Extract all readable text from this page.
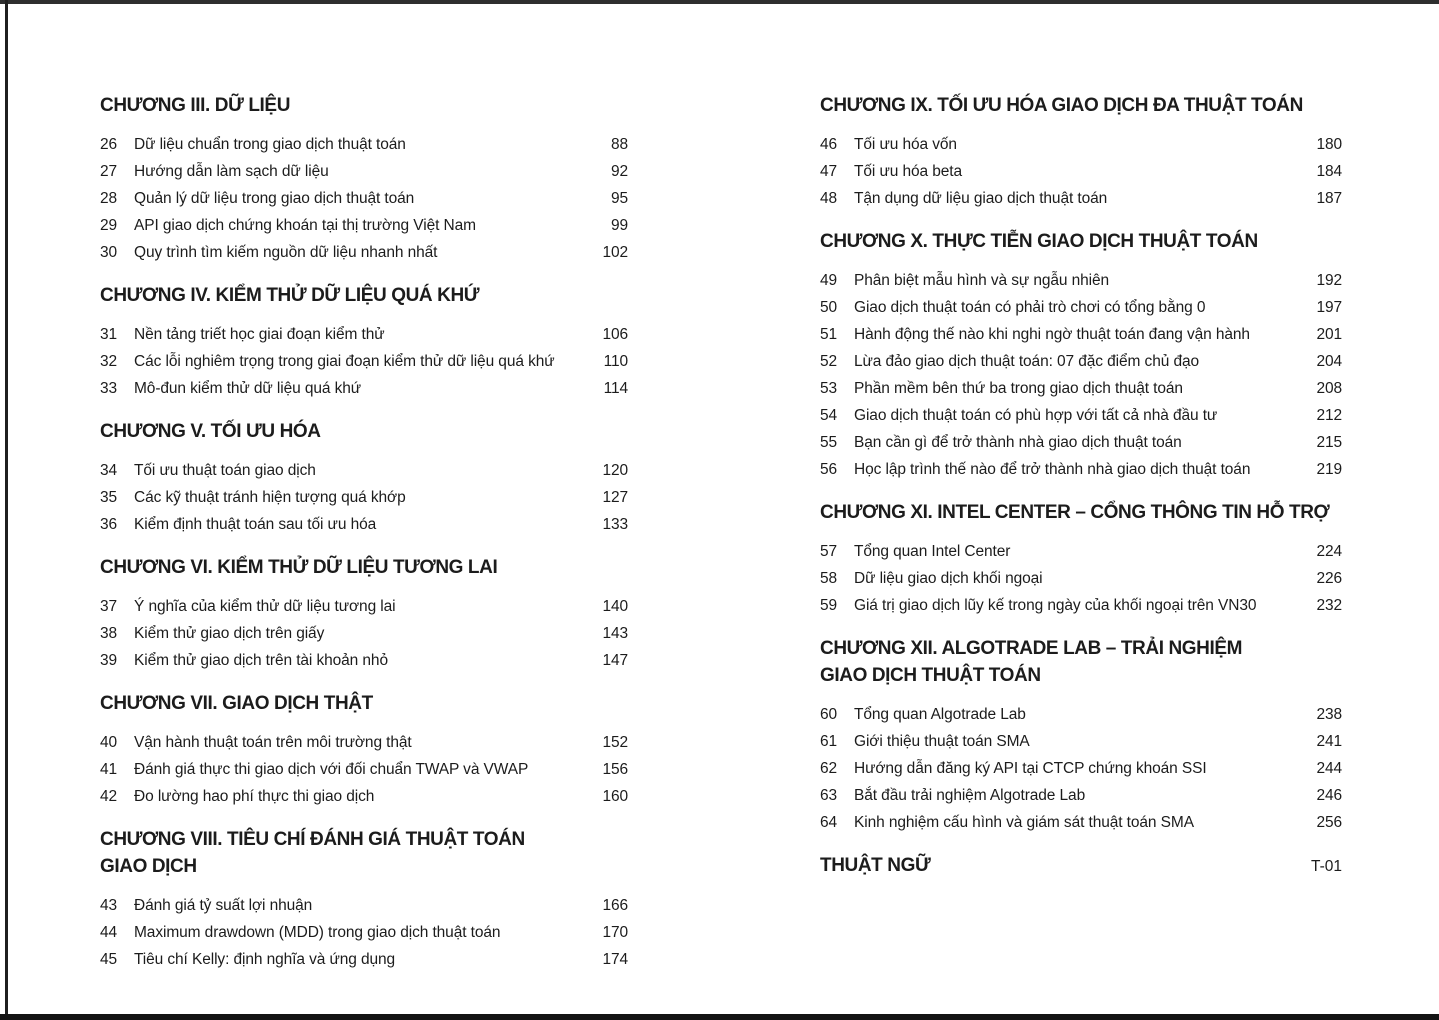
CHƯƠNG III. DỮ LIỆU
26	Dữ liệu chuẩn trong giao dịch thuật toán	88
27	Hướng dẫn làm sạch dữ liệu	92
28	Quản lý dữ liệu trong giao dịch thuật toán	95
29	API giao dịch chứng khoán tại thị trường Việt Nam	99
30	Quy trình tìm kiếm nguồn dữ liệu nhanh nhất	102
CHƯƠNG IV. KIỂM THỬ DỮ LIỆU QUÁ KHỨ
31	Nền tảng triết học giai đoạn kiểm thử	106
32	Các lỗi nghiêm trọng trong giai đoạn kiểm thử dữ liệu quá khứ	110
33	Mô-đun kiểm thử dữ liệu quá khứ	114
CHƯƠNG V. TỐI ƯU HÓA
34	Tối ưu thuật toán giao dịch	120
35	Các kỹ thuật tránh hiện tượng quá khớp	127
36	Kiểm định thuật toán sau tối ưu hóa	133
CHƯƠNG VI. KIỂM THỬ DỮ LIỆU TƯƠNG LAI
37	Ý nghĩa của kiểm thử dữ liệu tương lai	140
38	Kiểm thử giao dịch trên giấy	143
39	Kiểm thử giao dịch trên tài khoản nhỏ	147
CHƯƠNG VII. GIAO DỊCH THẬT
40	Vận hành thuật toán trên môi trường thật	152
41	Đánh giá thực thi giao dịch với đối chuẩn TWAP và VWAP	156
42	Đo lường hao phí thực thi giao dịch	160
CHƯƠNG VIII. TIÊU CHÍ ĐÁNH GIÁ THUẬT TOÁN GIAO DỊCH
43	Đánh giá tỷ suất lợi nhuận	166
44	Maximum drawdown (MDD) trong giao dịch thuật toán	170
45	Tiêu chí Kelly: định nghĩa và ứng dụng	174
CHƯƠNG IX. TỐI ƯU HÓA GIAO DỊCH ĐA THUẬT TOÁN
46	Tối ưu hóa vốn	180
47	Tối ưu hóa beta	184
48	Tận dụng dữ liệu giao dịch thuật toán	187
CHƯƠNG X. THỰC TIỄN GIAO DỊCH THUẬT TOÁN
49	Phân biệt mẫu hình và sự ngẫu nhiên	192
50	Giao dịch thuật toán có phải trò chơi có tổng bằng 0	197
51	Hành động thế nào khi nghi ngờ thuật toán đang vận hành	201
52	Lừa đảo giao dịch thuật toán: 07 đặc điểm chủ đạo	204
53	Phần mềm bên thứ ba trong giao dịch thuật toán	208
54	Giao dịch thuật toán có phù hợp với tất cả nhà đầu tư	212
55	Bạn cần gì để trở thành nhà giao dịch thuật toán	215
56	Học lập trình thế nào để trở thành nhà giao dịch thuật toán	219
CHƯƠNG XI. INTEL CENTER – CỔNG THÔNG TIN HỖ TRỢ
57	Tổng quan Intel Center	224
58	Dữ liệu giao dịch khối ngoại	226
59	Giá trị giao dịch lũy kế trong ngày của khối ngoại trên VN30	232
CHƯƠNG XII. ALGOTRADE LAB – TRẢI NGHIỆM GIAO DỊCH THUẬT TOÁN
60	Tổng quan Algotrade Lab	238
61	Giới thiệu thuật toán SMA	241
62	Hướng dẫn đăng ký API tại CTCP chứng khoán SSI	244
63	Bắt đầu trải nghiệm Algotrade Lab	246
64	Kinh nghiệm cấu hình và giám sát thuật toán SMA	256
THUẬT NGỮ	T-01
